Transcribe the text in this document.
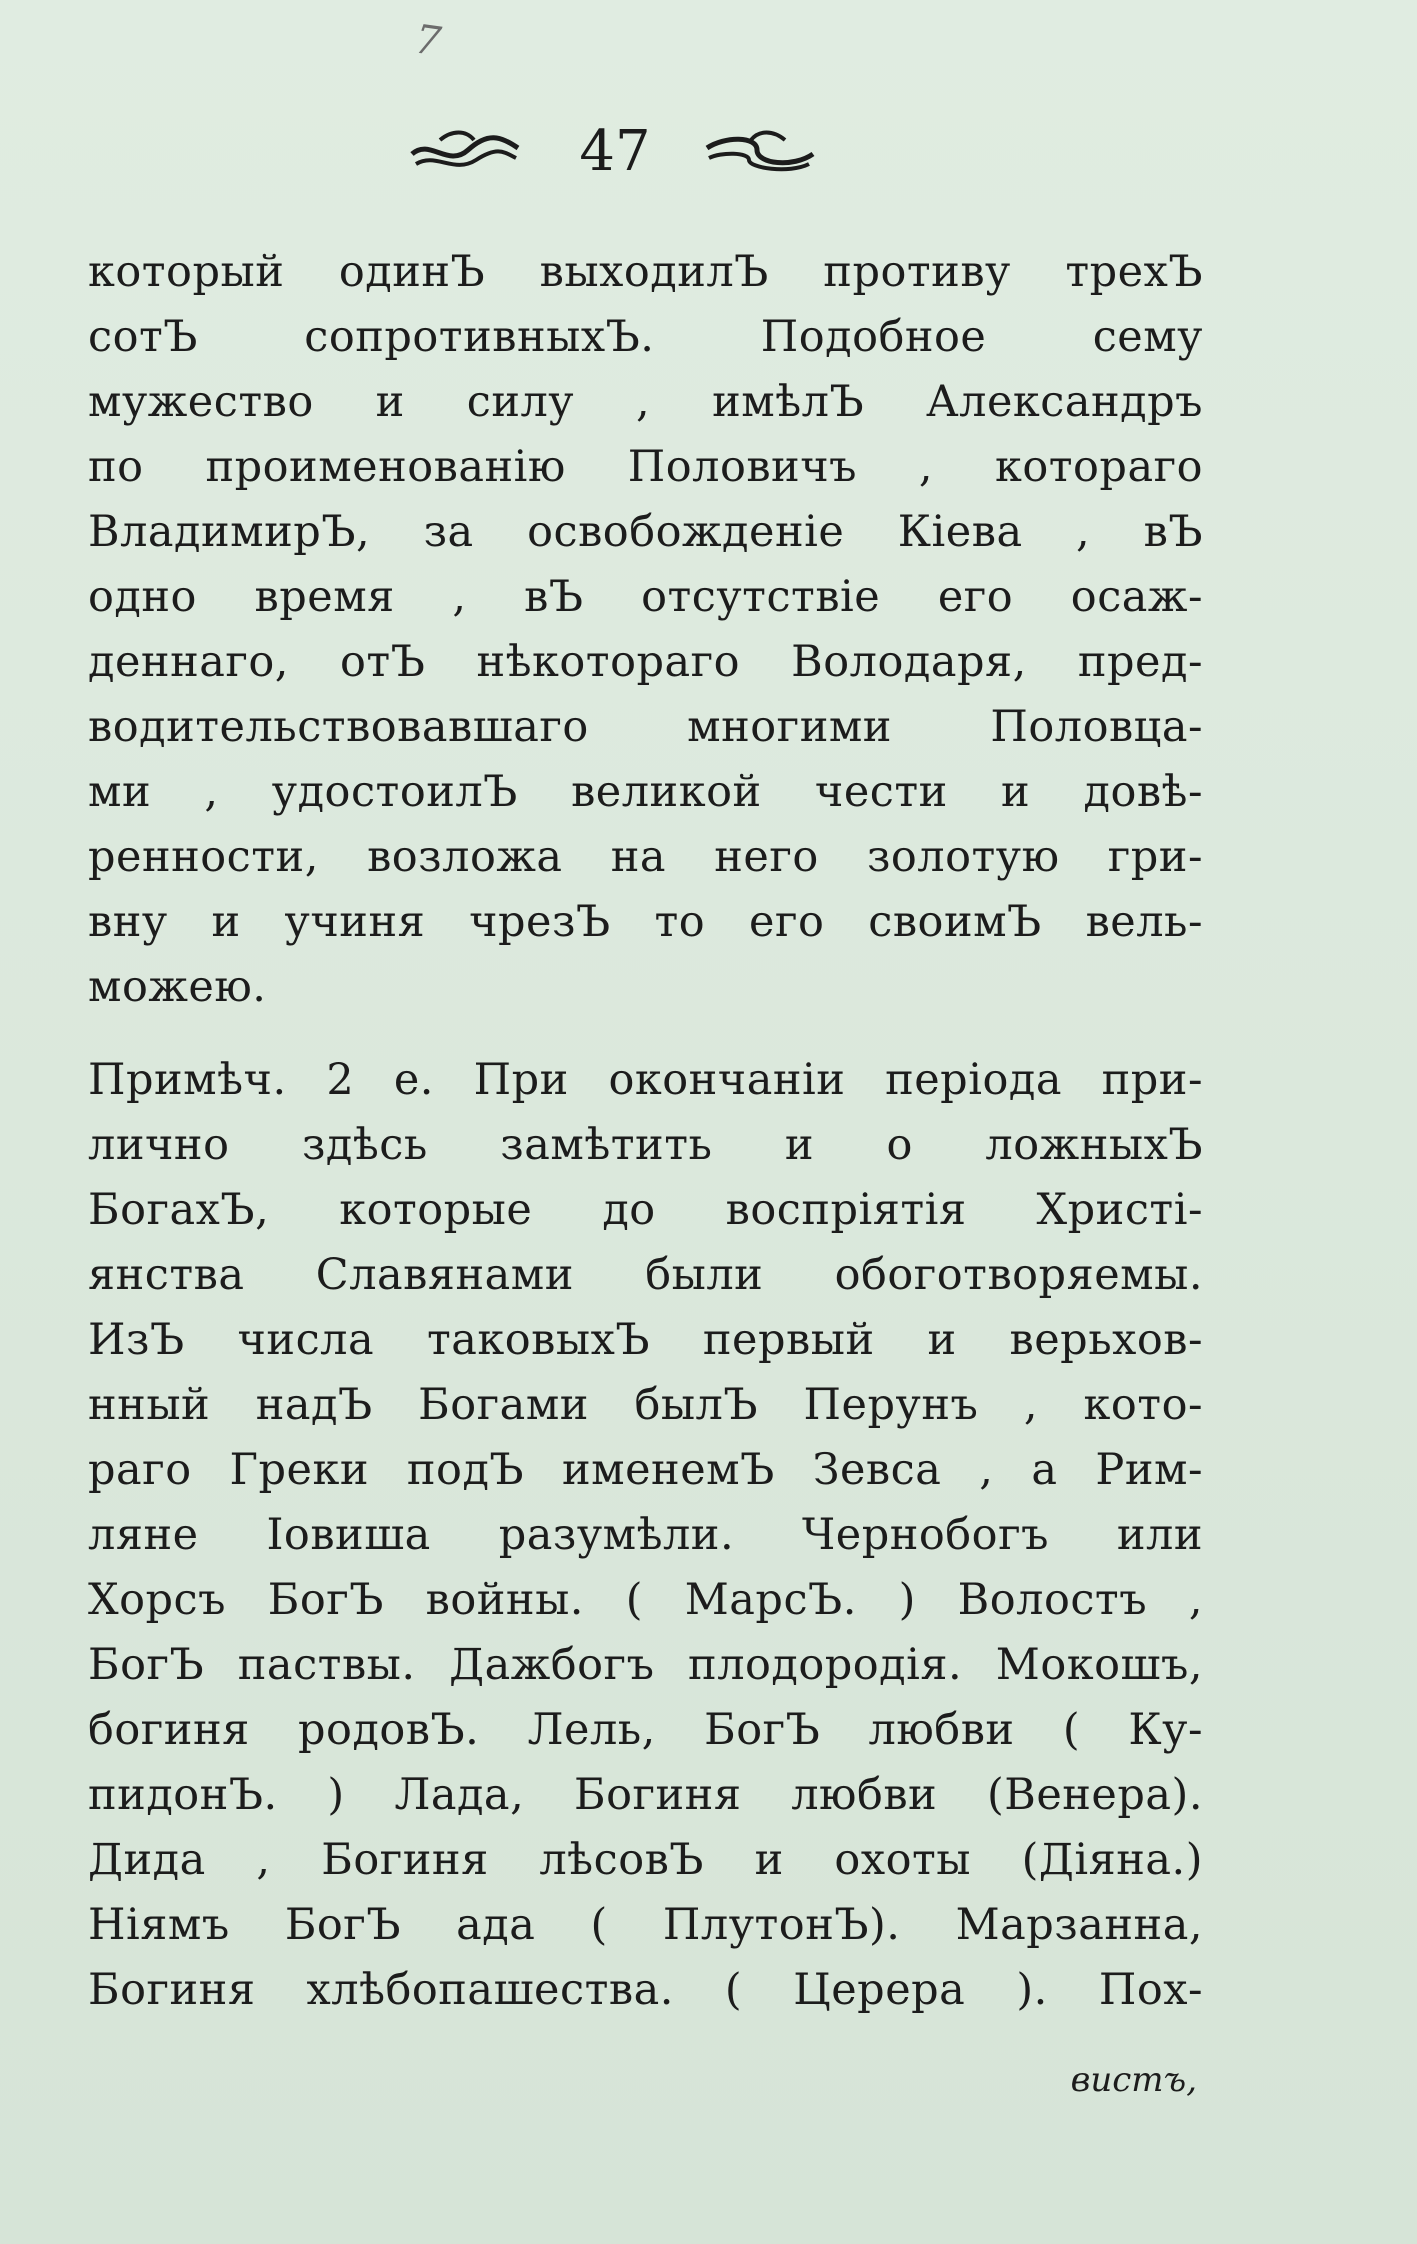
7
47
который одинЪ выходилЪ противу трехЪ
сотЪ сопротивныхЪ. Подобное сему
мужество и силу , имѣлЪ Александръ
по проименованію Половичъ , котораго
ВладимирЪ, за освобожденіе Кіева , вЪ
одно время , вЪ отсутствіе его осаж-
деннаго, отЪ нѣкотораго Володаря, пред-
водительствовавшаго многими Половца-
ми , удостоилЪ великой чести и довѣ-
ренности, возложа на него золотую гри-
вну и учиня чрезЪ то его своимЪ вель-
можею.
Примѣч. 2 е. При окончаніи періода при-
лично здѣсь замѣтить и о ложныхЪ
БогахЪ, которые до воспріятія Христі-
янства Славянами были обоготворяемы.
ИзЪ числа таковыхЪ первый и верьхов-
нный надЪ Богами былЪ Перунъ , кото-
раго Греки подЪ именемЪ Зевса , а Рим-
ляне Іовиша разумѣли. Чернобогъ или
Хорсъ БогЪ войны. ( МарсЪ. ) Волостъ ,
БогЪ паствы. Дажбогъ плодородія. Мокошъ,
богиня родовЪ. Лель, БогЪ любви ( Ку-
пидонЪ. ) Лада, Богиня любви (Венера).
Дида , Богиня лѣсовЪ и охоты (Діяна.)
Ніямъ БогЪ ада ( ПлутонЪ). Марзанна,
Богиня хлѣбопашества. ( Церера ). Пох-
вистъ,
